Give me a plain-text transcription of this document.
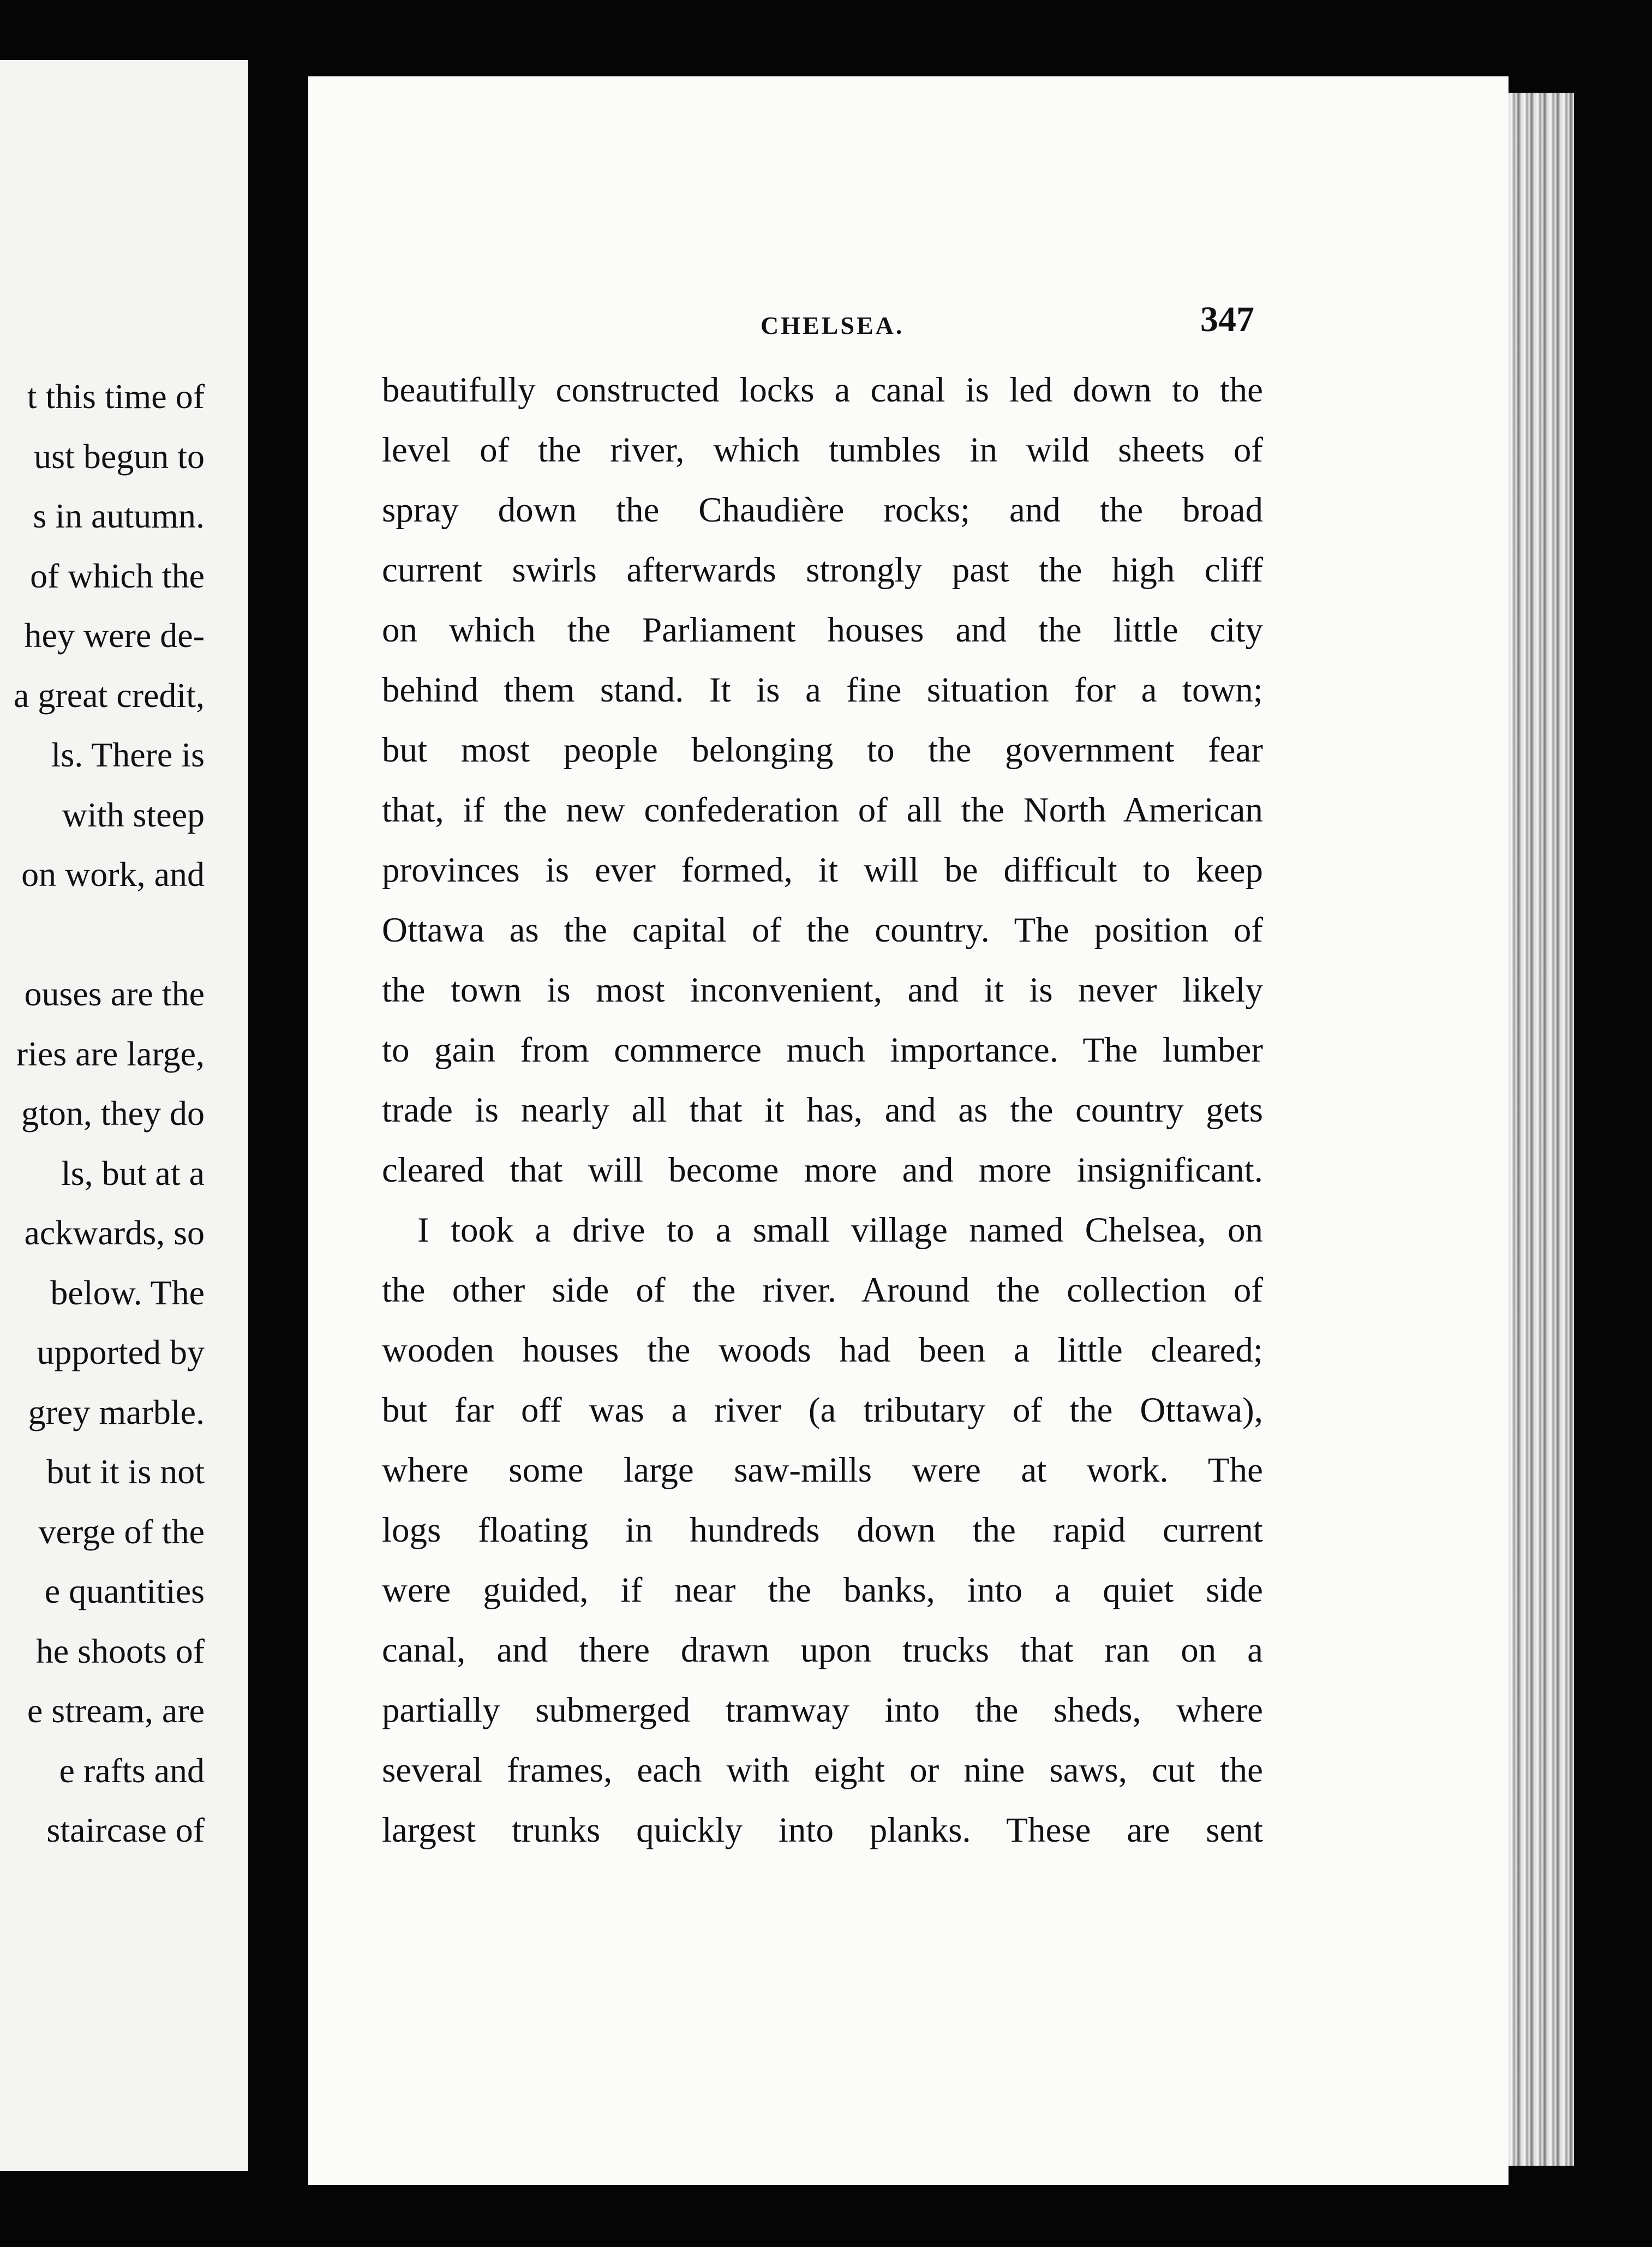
t this time of
ust begun to
s in autumn.
of which the
hey were de-
a great credit,
ls. There is
with steep
on work, and
ouses are the
ries are large,
gton, they do
ls, but at a
ackwards, so
below. The
upported by
grey marble.
but it is not
verge of the
e quantities
he shoots of
e stream, are
e rafts and
staircase of
CHELSEA.	347
beautifully constructed locks a canal is led down to the
level of the river, which tumbles in wild sheets of
spray down the Chaudière rocks; and the broad
current swirls afterwards strongly past the high cliff
on which the Parliament houses and the little city
behind them stand. It is a fine situation for a town;
but most people belonging to the government fear
that, if the new confederation of all the North American
provinces is ever formed, it will be difficult to keep
Ottawa as the capital of the country. The position of
the town is most inconvenient, and it is never likely
to gain from commerce much importance. The lumber
trade is nearly all that it has, and as the country gets
cleared that will become more and more insignificant.
I took a drive to a small village named Chelsea, on
the other side of the river. Around the collection of
wooden houses the woods had been a little cleared;
but far off was a river (a tributary of the Ottawa),
where some large saw-mills were at work. The
logs floating in hundreds down the rapid current
were guided, if near the banks, into a quiet side
canal, and there drawn upon trucks that ran on a
partially submerged tramway into the sheds, where
several frames, each with eight or nine saws, cut the
largest trunks quickly into planks. These are sent
